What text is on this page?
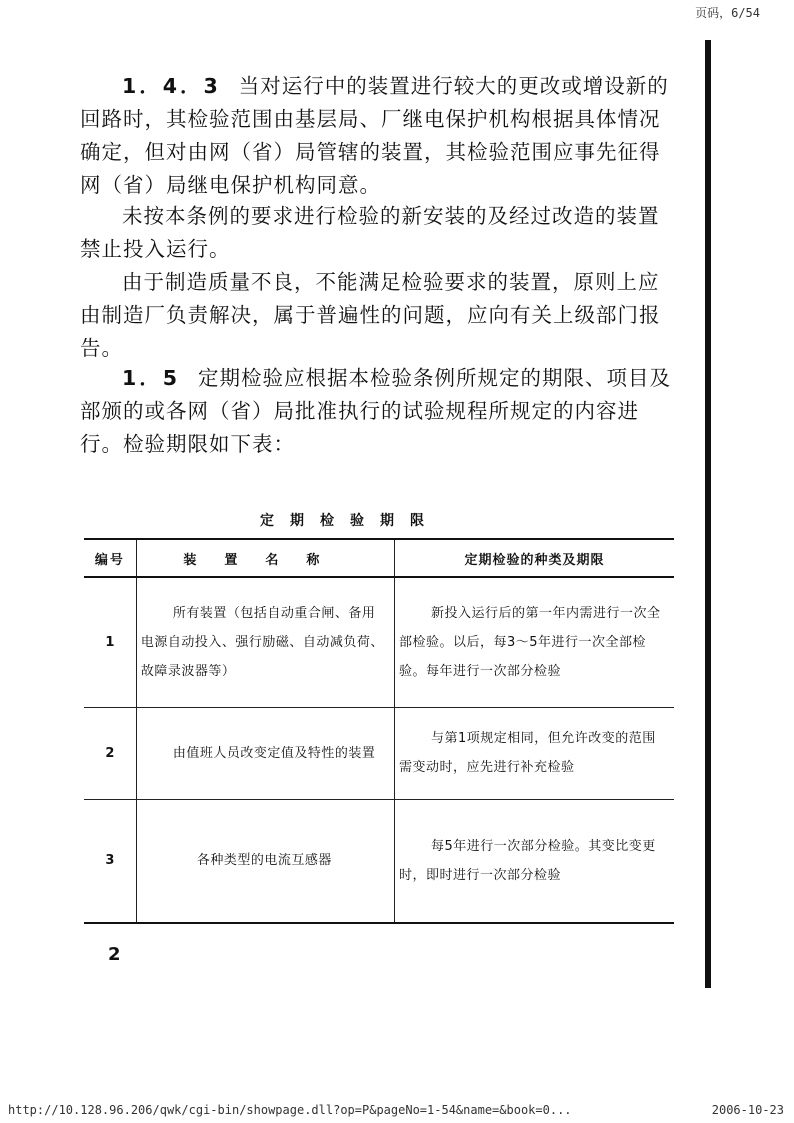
页码，6/54

1．4．3 当对运行中的装置进行较大的更改或增设新的回路时，其检验范围由基层局、厂继电保护机构根据具体情况确定，但对由网（省）局管辖的装置，其检验范围应事先征得网（省）局继电保护机构同意。

未按本条例的要求进行检验的新安装的及经过改造的装置禁止投入运行。

由于制造质量不良，不能满足检验要求的装置，原则上应由制造厂负责解决，属于普遍性的问题，应向有关上级部门报告。

1．5 定期检验应根据本检验条例所规定的期限、项目及部颁的或各网（省）局批准执行的试验规程所规定的内容进行。检验期限如下表：

定期检验期限
编号	装置名称	定期检验的种类及期限
1	所有装置（包括自动重合闸、备用电源自动投入、强行励磁、自动减负荷、故障录波器等）	新投入运行后的第一年内需进行一次全部检验。以后，每3～5年进行一次全部检验。每年进行一次部分检验

2	由值班人员改变定值及特性的装置	与第1项规定相同，但允许改变的范围需变动时，应先进行补充检验

3	各种类型的电流互感器	每5年进行一次部分检验。其变比变更时，即时进行一次部分检验
2
http://10.128.96.206/qwk/cgi-bin/showpage.dll?op=P&pageNo=1-54&name=&book=0...	2006-10-23
